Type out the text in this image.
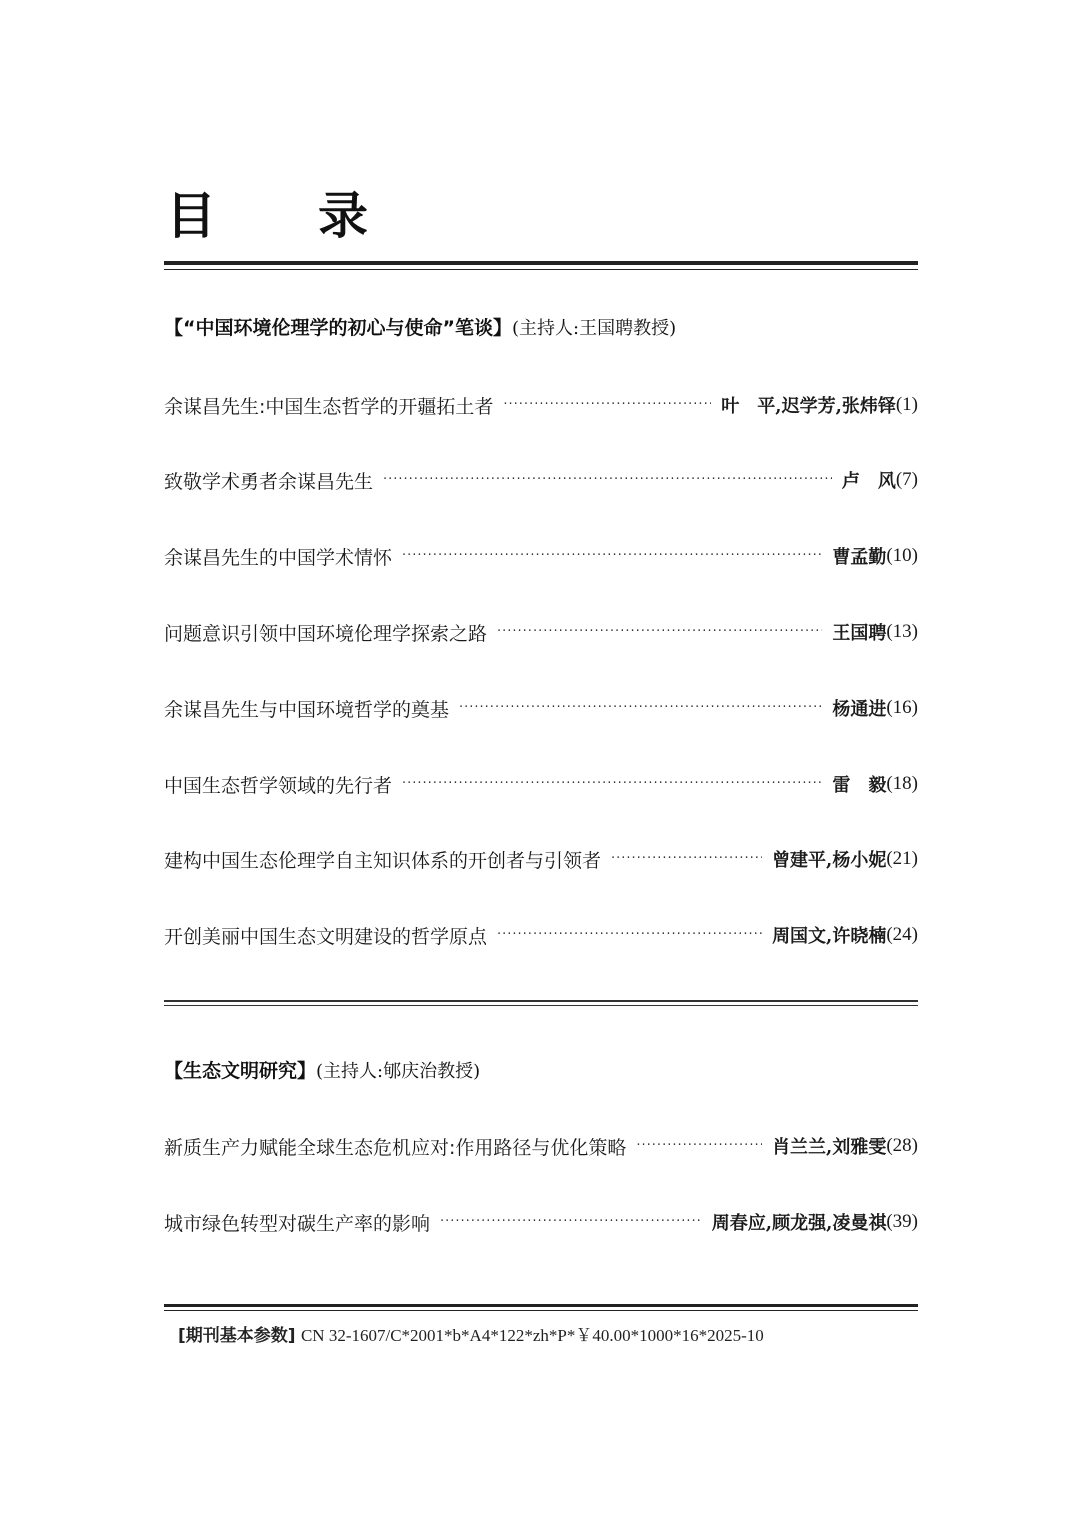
目 录
【“中国环境伦理学的初心与使命”笔谈】(主持人:王国聘教授)
余谋昌先生:中国生态哲学的开疆拓土者 ·····	叶　平,迟学芳,张炜铎 (1)
致敬学术勇者余谋昌先生 ·····	卢　风 (7)
余谋昌先生的中国学术情怀 ·····	曹孟勤 (10)
问题意识引领中国环境伦理学探索之路 ·····	王国聘 (13)
余谋昌先生与中国环境哲学的奠基 ·····	杨通进 (16)
中国生态哲学领域的先行者 ·····	雷　毅 (18)
建构中国生态伦理学自主知识体系的开创者与引领者 ·····	曾建平,杨小妮 (21)
开创美丽中国生态文明建设的哲学原点 ·····	周国文,许晓楠 (24)
【生态文明研究】(主持人:郇庆治教授)
新质生产力赋能全球生态危机应对:作用路径与优化策略 ·····	肖兰兰,刘雅雯 (28)
城市绿色转型对碳生产率的影响 ·····	周春应,顾龙强,凌曼祺 (39)
[期刊基本参数] CN 32-1607/C*2001*b*A4*122*zh*P*￥40.00*1000*16*2025-10
